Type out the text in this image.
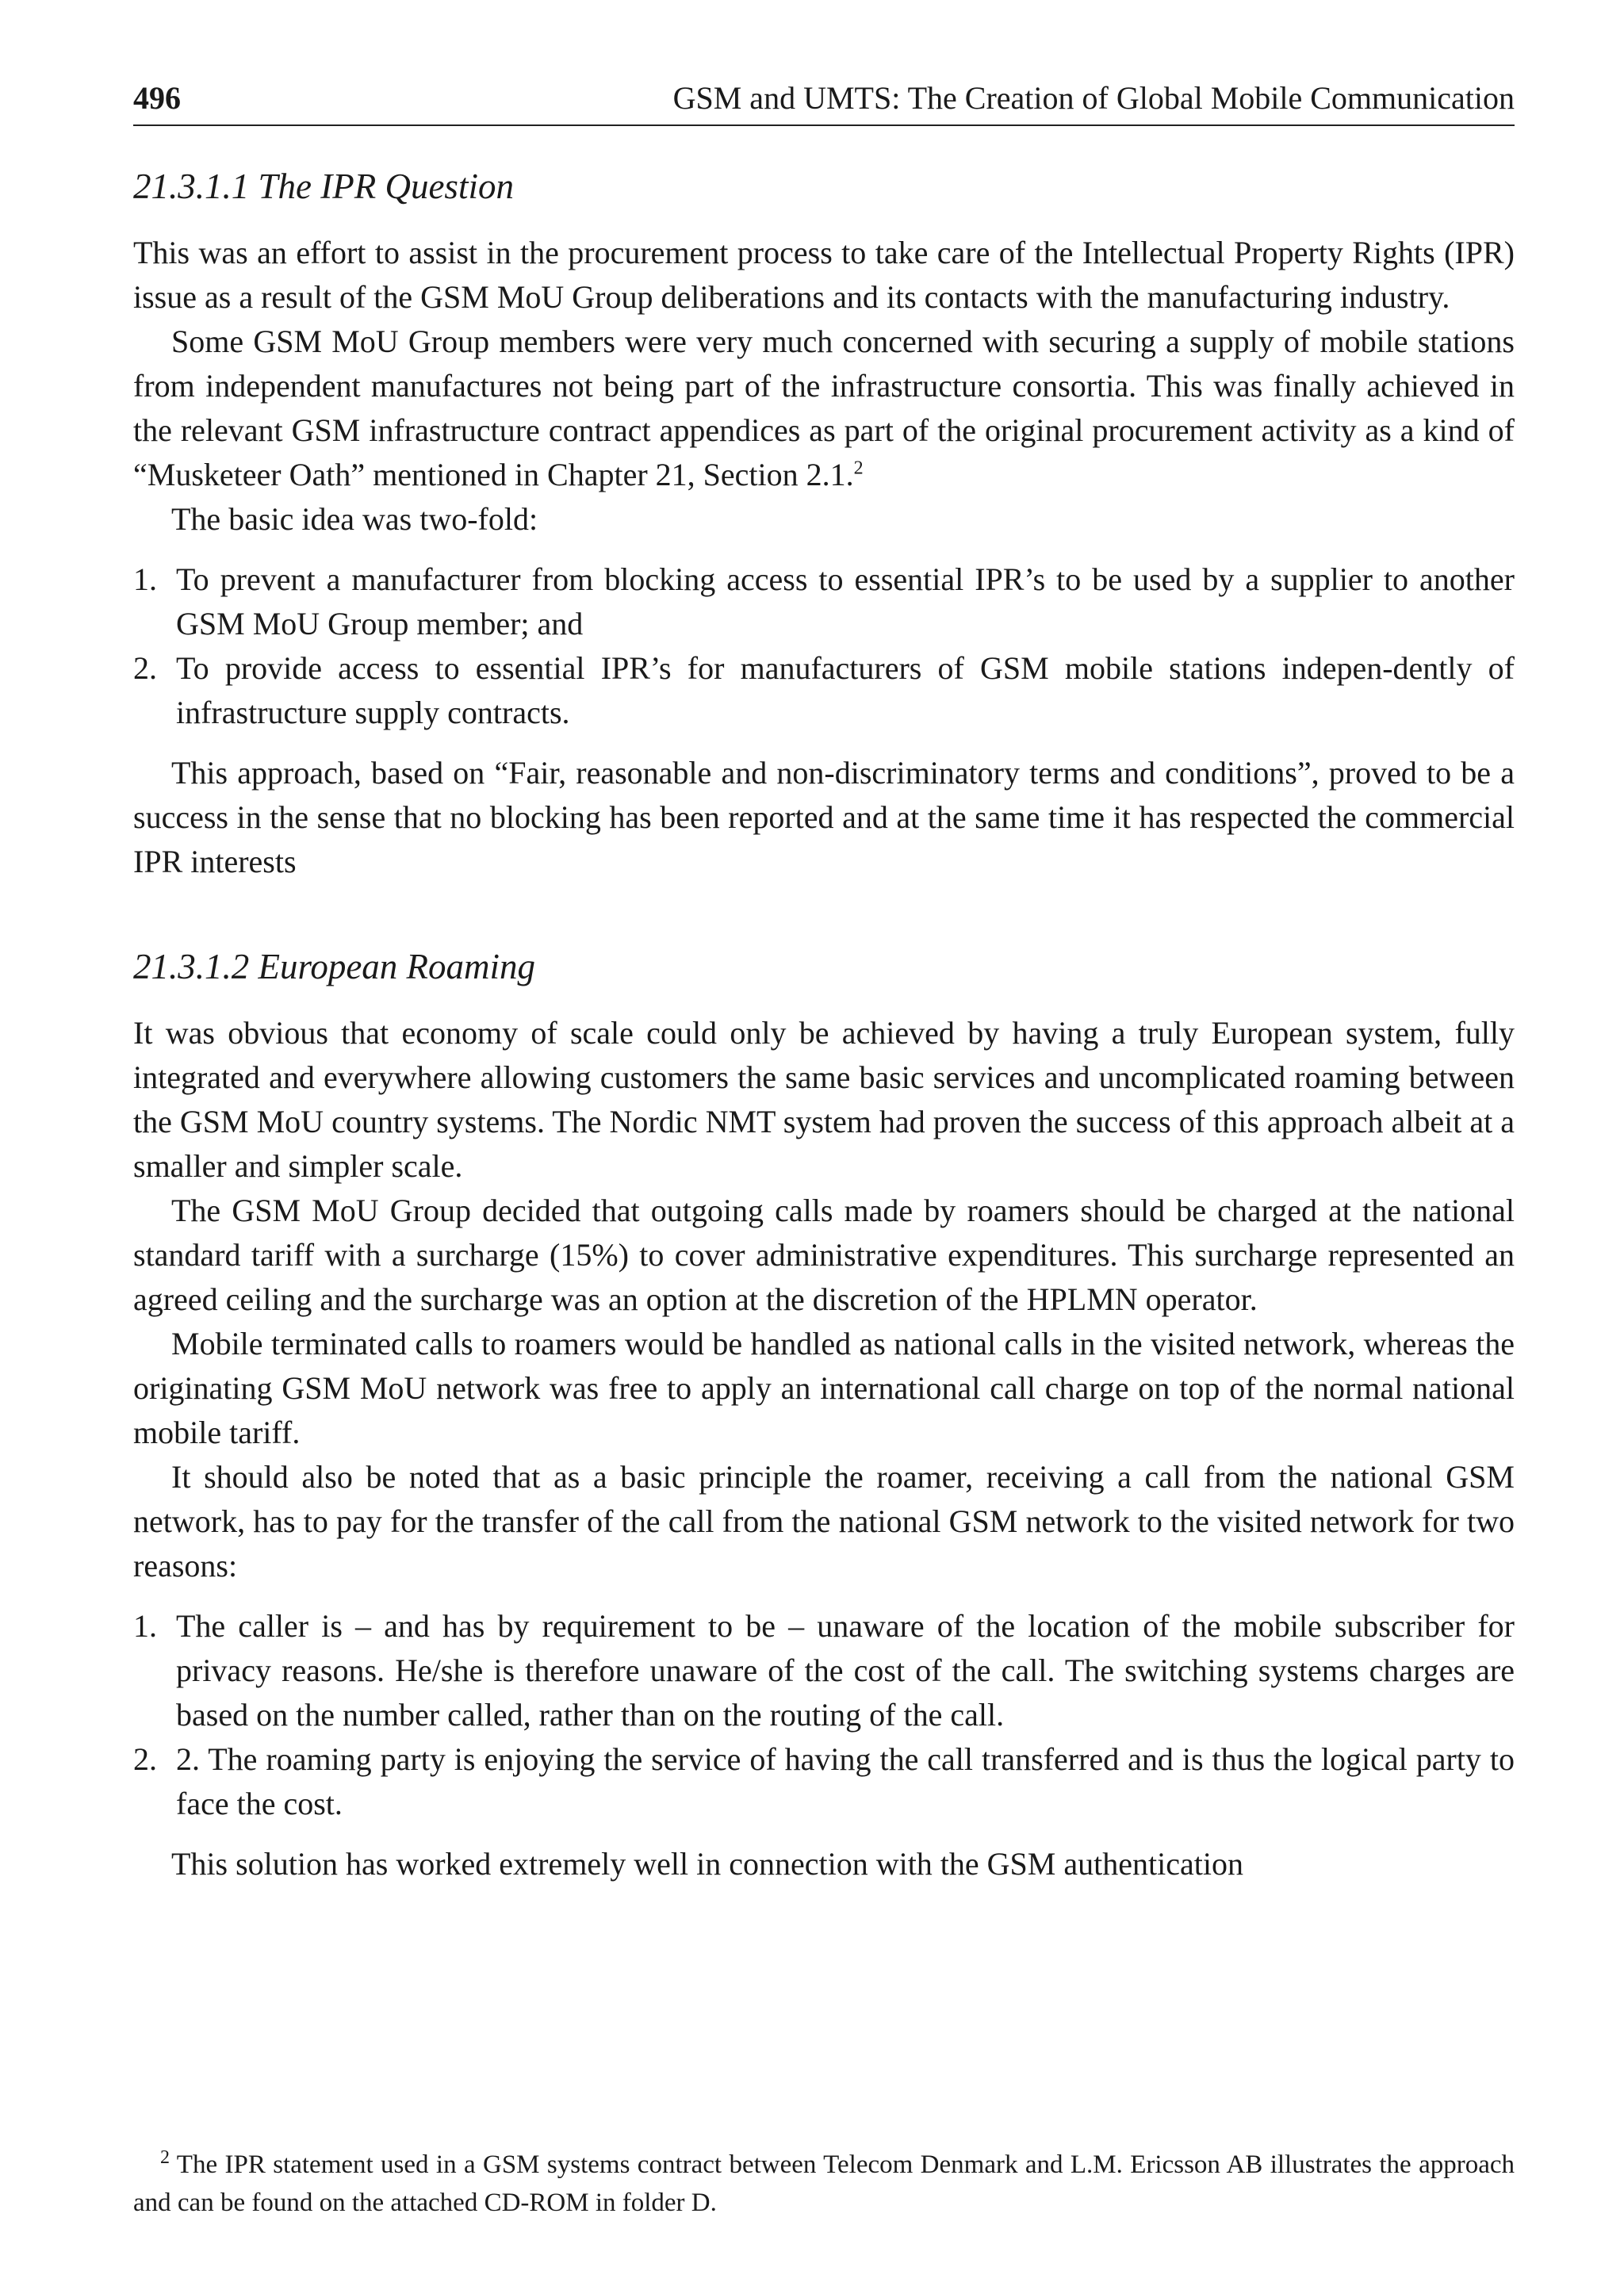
496	GSM and UMTS: The Creation of Global Mobile Communication
21.3.1.1 The IPR Question

This was an effort to assist in the procurement process to take care of the Intellectual Property Rights (IPR) issue as a result of the GSM MoU Group deliberations and its contacts with the manufacturing industry.

Some GSM MoU Group members were very much concerned with securing a supply of mobile stations from independent manufactures not being part of the infrastructure consortia. This was finally achieved in the relevant GSM infrastructure contract appendices as part of the original procurement activity as a kind of “Musketeer Oath” mentioned in Chapter 21, Section 2.1.$^2$

The basic idea was two-fold:

1. To prevent a manufacturer from blocking access to essential IPR’s to be used by a supplier to another GSM MoU Group member; and
2. To provide access to essential IPR’s for manufacturers of GSM mobile stations indepen-dently of infrastructure supply contracts.

This approach, based on “Fair, reasonable and non-discriminatory terms and conditions”, proved to be a success in the sense that no blocking has been reported and at the same time it has respected the commercial IPR interests

21.3.1.2 European Roaming

It was obvious that economy of scale could only be achieved by having a truly European system, fully integrated and everywhere allowing customers the same basic services and uncomplicated roaming between the GSM MoU country systems. The Nordic NMT system had proven the success of this approach albeit at a smaller and simpler scale.

The GSM MoU Group decided that outgoing calls made by roamers should be charged at the national standard tariff with a surcharge (15%) to cover administrative expenditures. This surcharge represented an agreed ceiling and the surcharge was an option at the discretion of the HPLMN operator.

Mobile terminated calls to roamers would be handled as national calls in the visited network, whereas the originating GSM MoU network was free to apply an international call charge on top of the normal national mobile tariff.

It should also be noted that as a basic principle the roamer, receiving a call from the national GSM network, has to pay for the transfer of the call from the national GSM network to the visited network for two reasons:

1. The caller is – and has by requirement to be – unaware of the location of the mobile subscriber for privacy reasons. He/she is therefore unaware of the cost of the call. The switching systems charges are based on the number called, rather than on the routing of the call.
2. 2. The roaming party is enjoying the service of having the call transferred and is thus the logical party to face the cost.

This solution has worked extremely well in connection with the GSM authentication

$^2$ The IPR statement used in a GSM systems contract between Telecom Denmark and L.M. Ericsson AB illustrates the approach and can be found on the attached CD-ROM in folder D.
